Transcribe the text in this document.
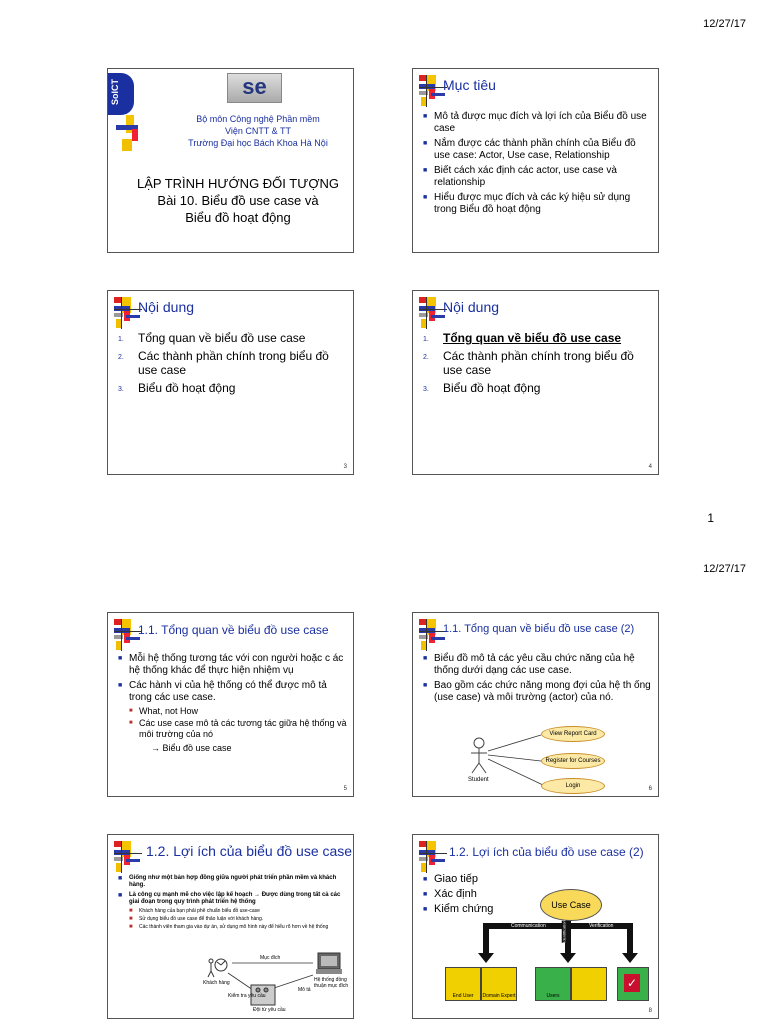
12/27/17
SoICT	se
Bộ môn Công nghệ Phần mềm
Viện CNTT & TT
Trường Đại học Bách Khoa Hà Nội
LẬP TRÌNH HƯỚNG ĐỐI TƯỢNG
Bài 10. Biểu đồ use case và
Biểu đồ hoạt động
Mục tiêu
■ Mô tả được mục đích và lợi ích của Biểu đồ use case
■ Nắm được các thành phần chính của Biểu đồ use case: Actor, Use case, Relationship
■ Biết cách xác định các actor, use case và relationship
■ Hiểu được mục đích và các ký hiệu sử dụng trong Biểu đồ hoạt động
Nội dung
1. Tổng quan về biểu đồ use case
2. Các thành phần chính trong biểu đồ use case
3. Biểu đồ hoạt động
3
Nội dung
1. Tổng quan về biểu đồ use case
2. Các thành phần chính trong biểu đồ use case
3. Biểu đồ hoạt động
4
1
12/27/17
1.1. Tổng quan về biểu đồ use case
■ Mỗi hệ thống tương tác với con người hoặc c ác hệ thống khác để thực hiện nhiệm vụ
■ Các hành vi của hệ thống có thể được mô tả trong các use case.
■ What, not How
■ Các use case mô tả các tương tác giữa hệ thống và môi trường của nó
→ Biểu đồ use case
5
1.1. Tổng quan về biểu đồ use case (2)
■ Biểu đồ mô tả các yêu cầu chức năng của hệ thống dưới dạng các use case.
■ Bao gồm các chức năng mong đợi của hệ th ống (use case) và môi trường (actor) của nó.
Student
View Report Card
Register for Courses
Login	6
1.2. Lợi ích của biểu đồ use case
■ Giống như một bản hợp đồng giữa người phát triển phần mềm và khách hàng.
■ Là công cụ mạnh mẽ cho việc lập kế hoạch → Được dùng trong tất cả các giai đoạn trong quy trình phát triển hệ thống
■ Khách hàng của bạn phải phê chuẩn biểu đồ use-case
■ Sử dụng biểu đồ use case để thảo luận với khách hàng.
■ Các thành viên tham gia vào dự án, sử dụng mô hình này để hiểu rõ hơn về hệ thống
Mục đích
Khách hàng	Hệ thống đồng thuận mục đích
Kiểm tra yêu cầu
Mô tả
Đội từ yêu cầu
1.2. Lợi ích của biểu đồ use case (2)
■ Giao tiếp
■ Xác định
■ Kiểm chứng	Use Case
Communication	Identification	Verification
End User	Domain Expert	Users
✓
8
